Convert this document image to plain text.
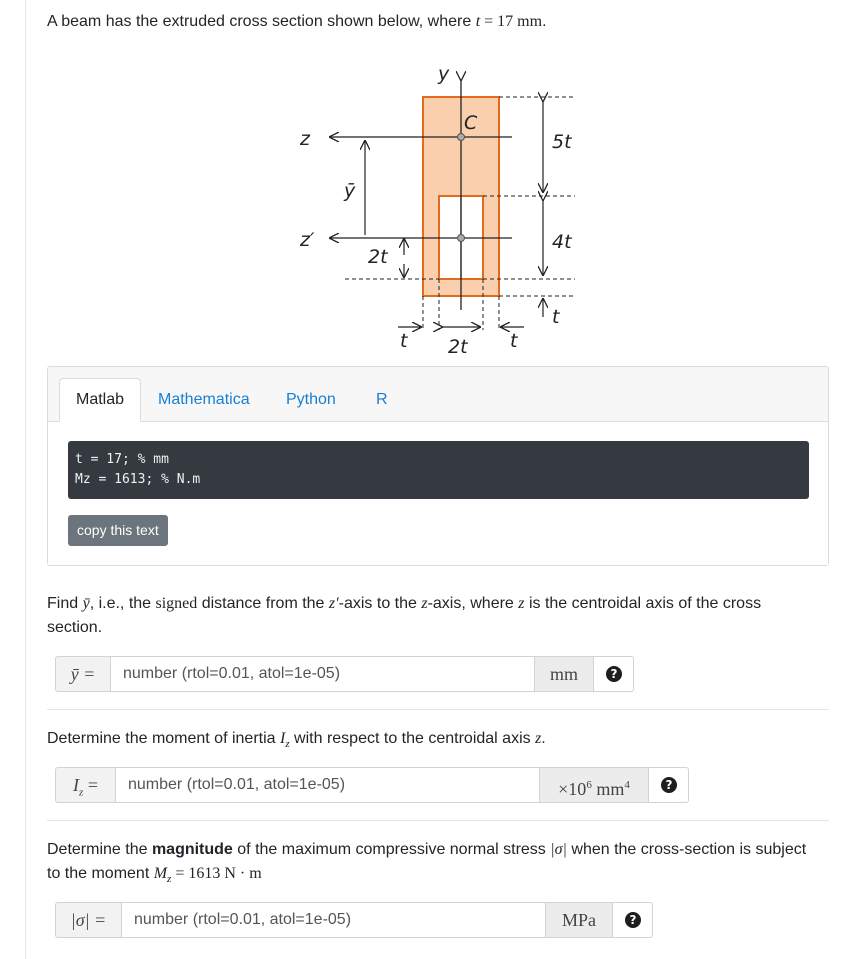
A beam has the extruded cross section shown below, where t = 17 mm.
y
C
z
z′
ȳ
5t
4t
t
2t
t 2t t
Matlab	Mathematica	Python	R
t = 17; % mm
Mz = 1613; % N.m
copy this text
Find ȳ, i.e., the signed distance from the z′-axis to the z-axis, where z is the centroidal axis of the cross section.
ȳ =
number (rtol=0.01, atol=1e-05)	mm	?
Determine the moment of inertia $I_z$ with respect to the centroidal axis z.
$I_z$ =
number (rtol=0.01, atol=1e-05)	$\times 10^6$ $mm^4$	?
Determine the magnitude of the maximum compressive normal stress |σ| when the cross-section is subject to the moment $M_z = 1613$ N · m
|σ| =
number (rtol=0.01, atol=1e-05)	MPa	?
